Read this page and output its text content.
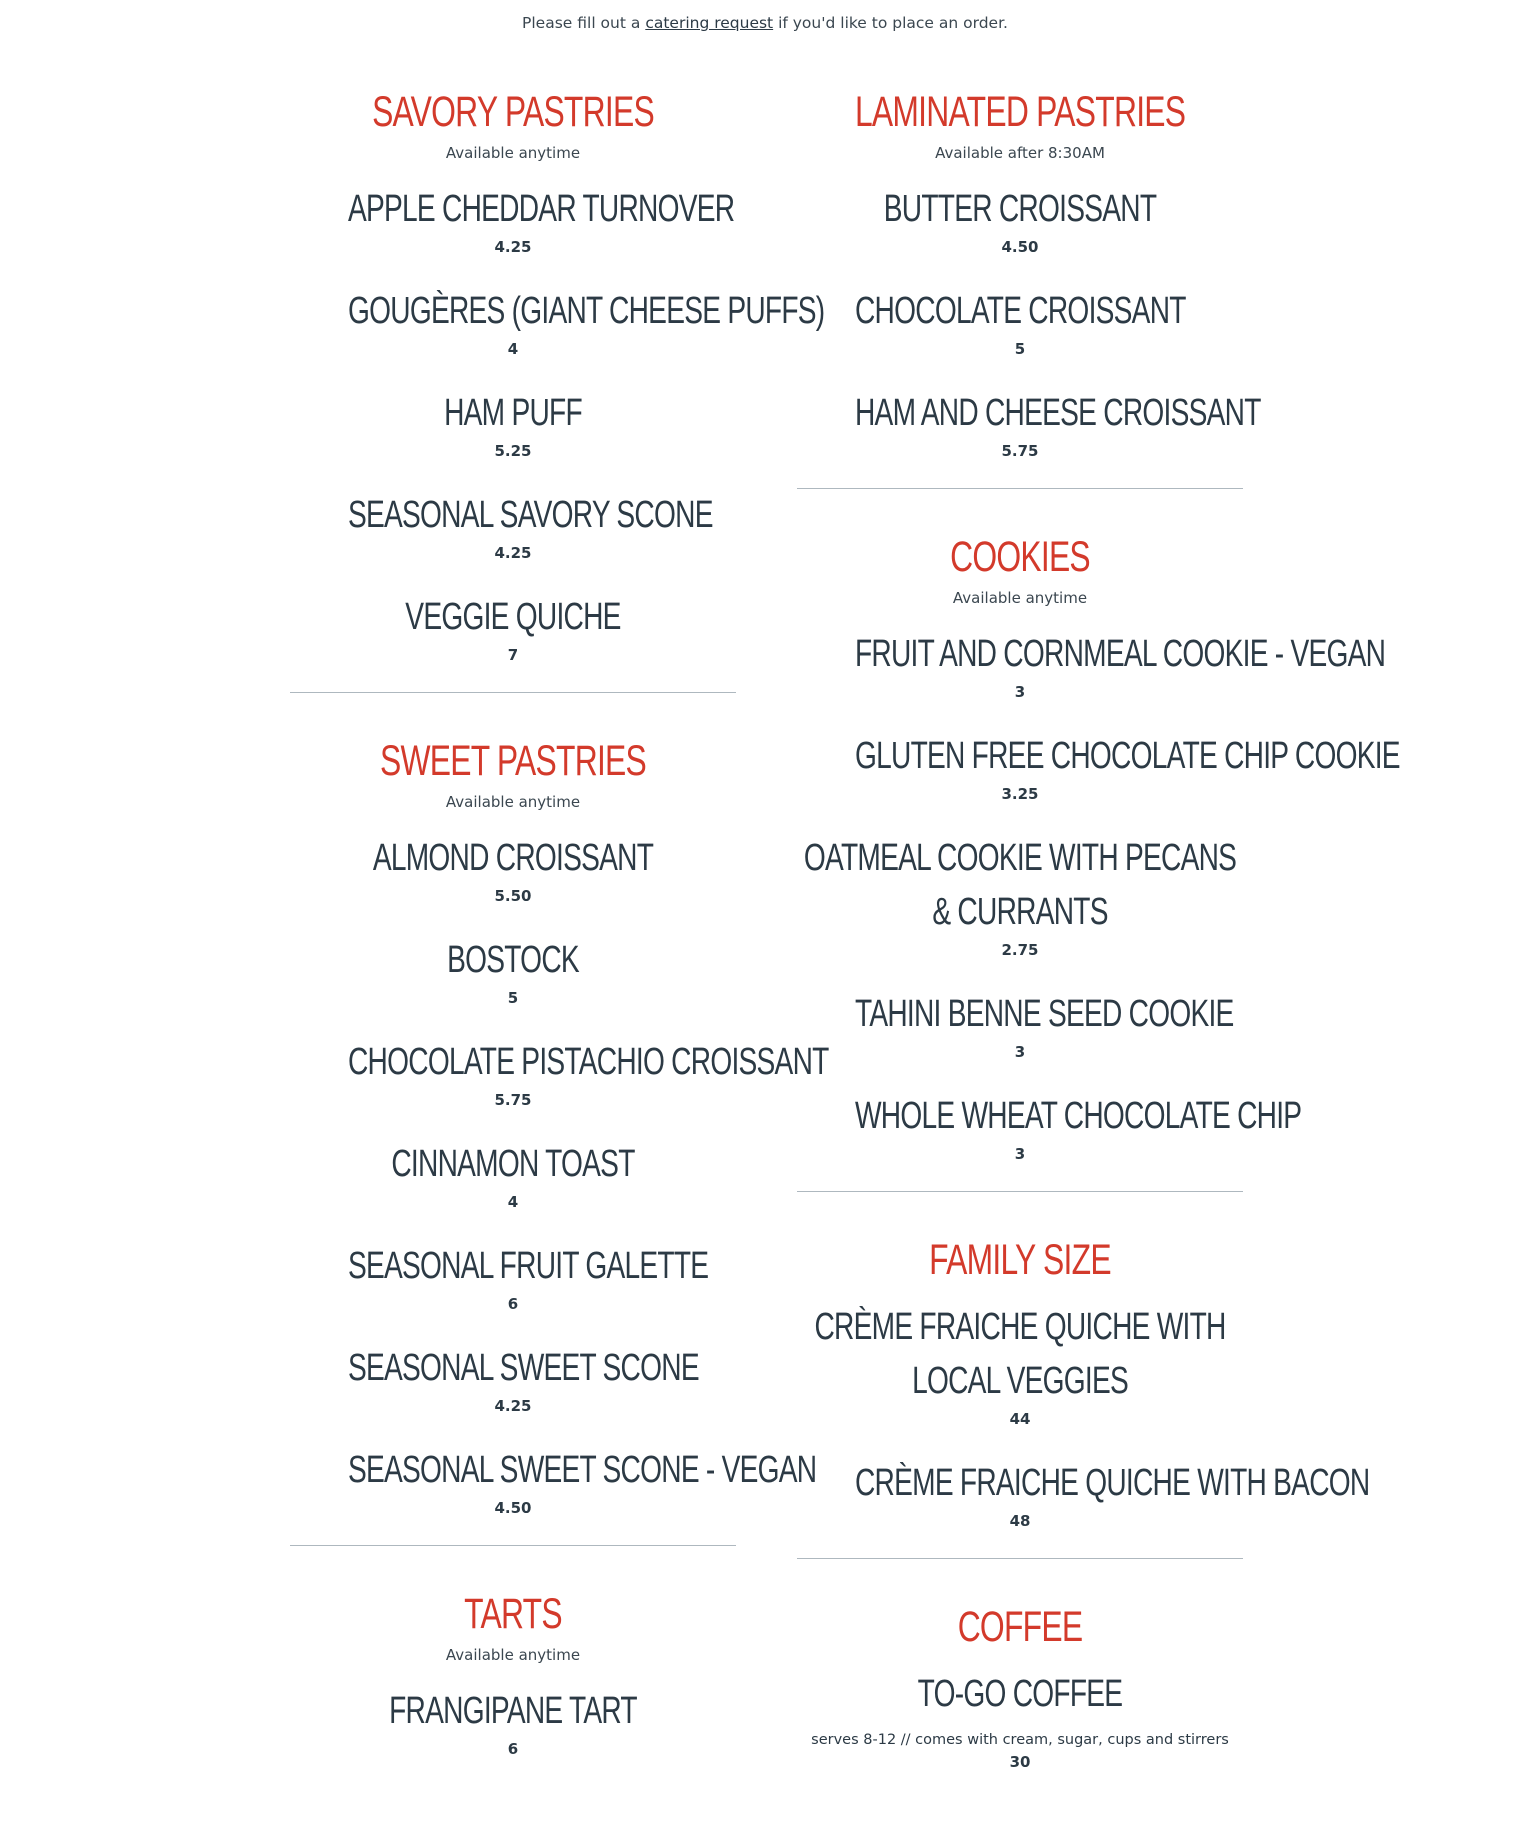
Please fill out a catering request if you'd like to place an order.
SAVORY PASTRIES
Available anytime
APPLE CHEDDAR TURNOVER
4.25
GOUGÈRES (GIANT CHEESE PUFFS)
4
HAM PUFF
5.25
SEASONAL SAVORY SCONE
4.25
VEGGIE QUICHE
7
SWEET PASTRIES
Available anytime
ALMOND CROISSANT
5.50
BOSTOCK
5
CHOCOLATE PISTACHIO CROISSANT
5.75
CINNAMON TOAST
4
SEASONAL FRUIT GALETTE
6
SEASONAL SWEET SCONE
4.25
SEASONAL SWEET SCONE - VEGAN
4.50
TARTS
Available anytime
FRANGIPANE TART
6
LAMINATED PASTRIES
Available after 8:30AM
BUTTER CROISSANT
4.50
CHOCOLATE CROISSANT
5
HAM AND CHEESE CROISSANT
5.75
COOKIES
Available anytime
FRUIT AND CORNMEAL COOKIE - VEGAN
3
GLUTEN FREE CHOCOLATE CHIP COOKIE
3.25
OATMEAL COOKIE WITH PECANS & CURRANTS
2.75
TAHINI BENNE SEED COOKIE
3
WHOLE WHEAT CHOCOLATE CHIP
3
FAMILY SIZE
CRÈME FRAICHE QUICHE WITH LOCAL VEGGIES
44
CRÈME FRAICHE QUICHE WITH BACON
48
COFFEE
TO-GO COFFEE
serves 8-12 // comes with cream, sugar, cups and stirrers
30
